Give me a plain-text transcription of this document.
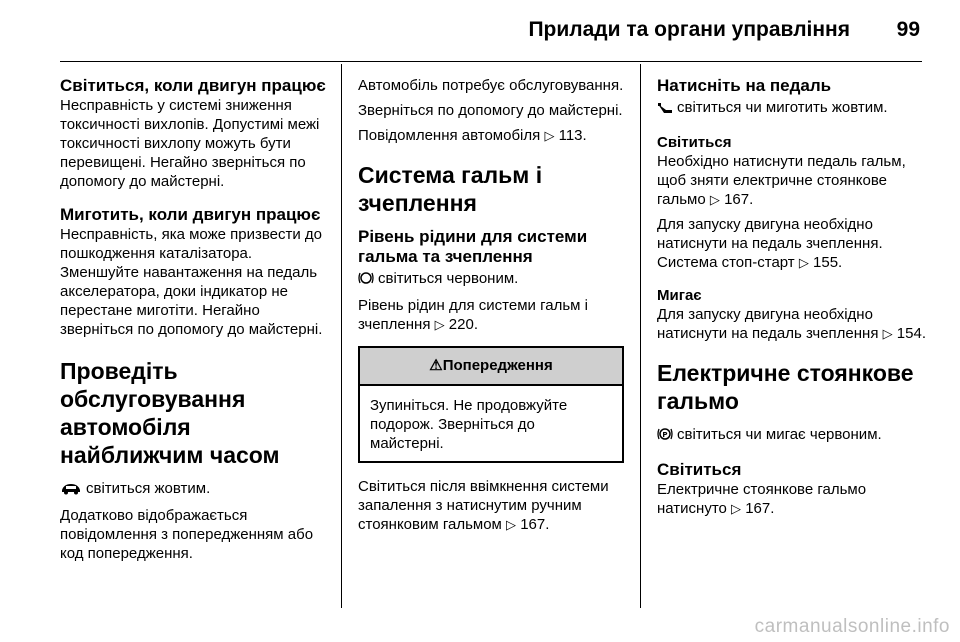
Прилади та органи управління 99

Світиться, коли двигун працює

Несправність у системі зниження токсичності вихлопів. Допустимі межі токсичності вихлопу можуть бути перевищені. Негайно зверніться по допомогу до майстерні.

Миготить, коли двигун працює

Несправність, яка може призвести до пошкодження каталізатора. Зменшуйте навантаження на педаль акселератора, доки індикатор не перестане миготіти. Негайно зверніться по допомогу до майстерні.

Проведіть обслуговування автомобіля найближчим часом

світиться жовтим.

Додатково відображається повідомлення з попередженням або код попередження.

Автомобіль потребує обслуговування.

Зверніться по допомогу до майстерні.

Повідомлення автомобіля ▷ 113.

Система гальм і зчеплення

Рівень рідини для системи гальма та зчеплення

світиться червоним.

Рівень рідин для системи гальм і зчеплення ▷ 220.

⚠Попередження
Зупиніться. Не продовжуйте подорож. Зверніться до майстерні.

Світиться після ввімкнення системи запалення з натиснутим ручним стоянковим гальмом ▷ 167.

Натисніть на педаль

світиться чи миготить жовтим.

Світиться

Необхідно натиснути педаль гальм, щоб зняти електричне стоянкове гальмо ▷ 167.

Для запуску двигуна необхідно натиснути на педаль зчеплення. Система стоп-старт ▷ 155.

Мигає

Для запуску двигуна необхідно натиснути на педаль зчеплення ▷ 154.

Електричне стоянкове гальмо

P світиться чи мигає червоним.

Світиться

Електричне стоянкове гальмо натиснуто ▷ 167.

carmanualsonline.info
